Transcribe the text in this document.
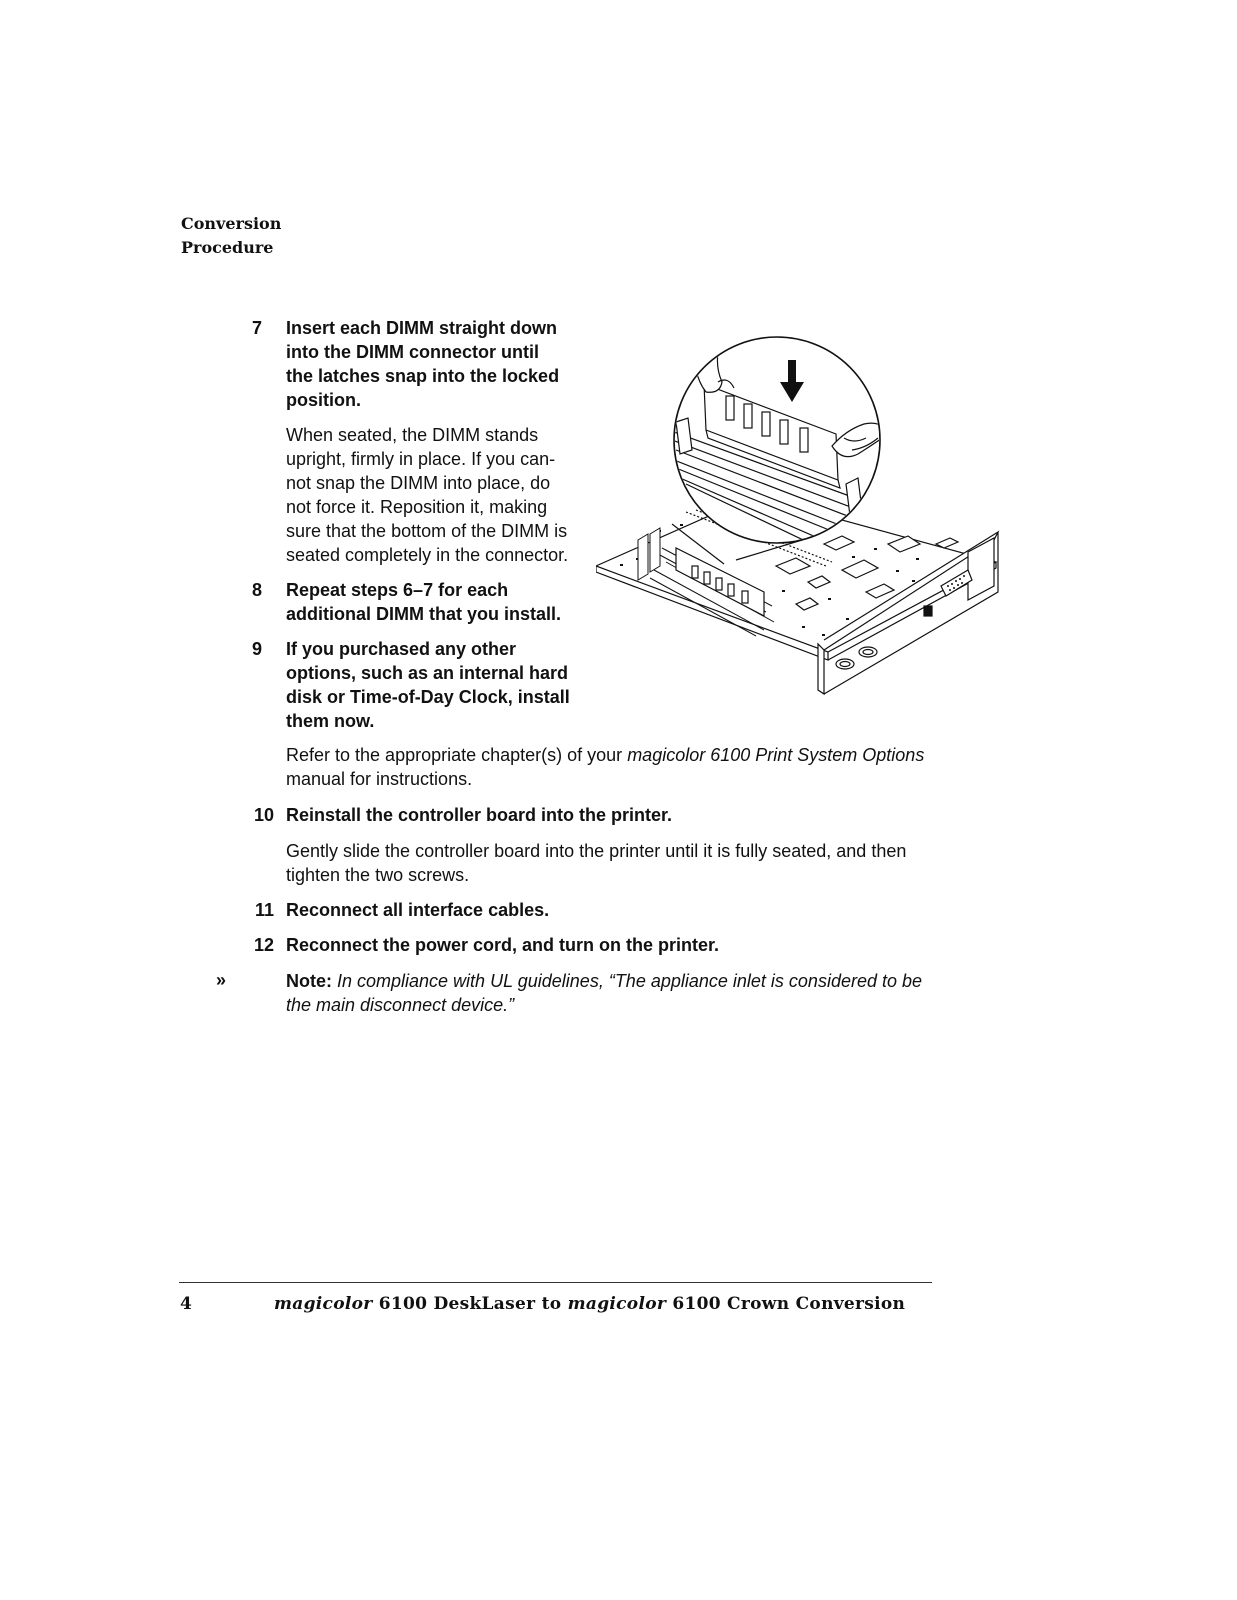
Conversion
Procedure
7 Insert each DIMM straight down
into the DIMM connector until
the latches snap into the locked
position.
When seated, the DIMM stands
upright, firmly in place. If you can-
not snap the DIMM into place, do
not force it. Reposition it, making
sure that the bottom of the DIMM is
seated completely in the connector.
8 Repeat steps 6–7 for each
additional DIMM that you install.
9 If you purchased any other
options, such as an internal hard
disk or Time-of-Day Clock, install
them now.
Refer to the appropriate chapter(s) of your magicolor 6100 Print System Options
manual for instructions.
10 Reinstall the controller board into the printer.
Gently slide the controller board into the printer until it is fully seated, and then
tighten the two screws.
11 Reconnect all interface cables.
12 Reconnect the power cord, and turn on the printer.
»	Note: In compliance with UL guidelines, “The appliance inlet is considered to be
the main disconnect device.”
4	magicolor 6100 DeskLaser to magicolor 6100 Crown Conversion
